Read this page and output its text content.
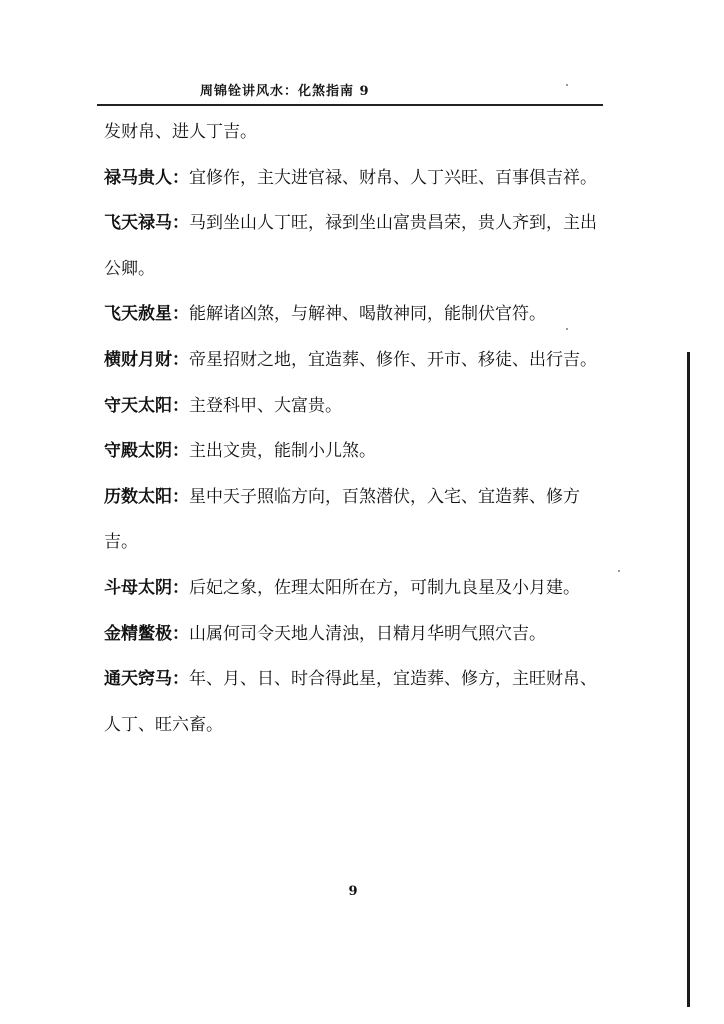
周锦铨讲风水：化煞指南 9

发财帛、进人丁吉。

禄马贵人：宜修作，主大进官禄、财帛、人丁兴旺、百事俱吉祥。

飞天禄马：马到坐山人丁旺，禄到坐山富贵昌荣，贵人齐到，主出公卿。

飞天赦星：能解诸凶煞，与解神、喝散神同，能制伏官符。

横财月财：帝星招财之地，宜造葬、修作、开市、移徒、出行吉。

守天太阳：主登科甲、大富贵。

守殿太阴：主出文贵，能制小儿煞。

历数太阳：星中天子照临方向，百煞潜伏，入宅、宜造葬、修方吉。

斗母太阴：后妃之象，佐理太阳所在方，可制九良星及小月建。

金精鳖极：山属何司令天地人清浊，日精月华明气照穴吉。

通天窍马：年、月、日、时合得此星，宜造葬、修方，主旺财帛、人丁、旺六畜。

9
